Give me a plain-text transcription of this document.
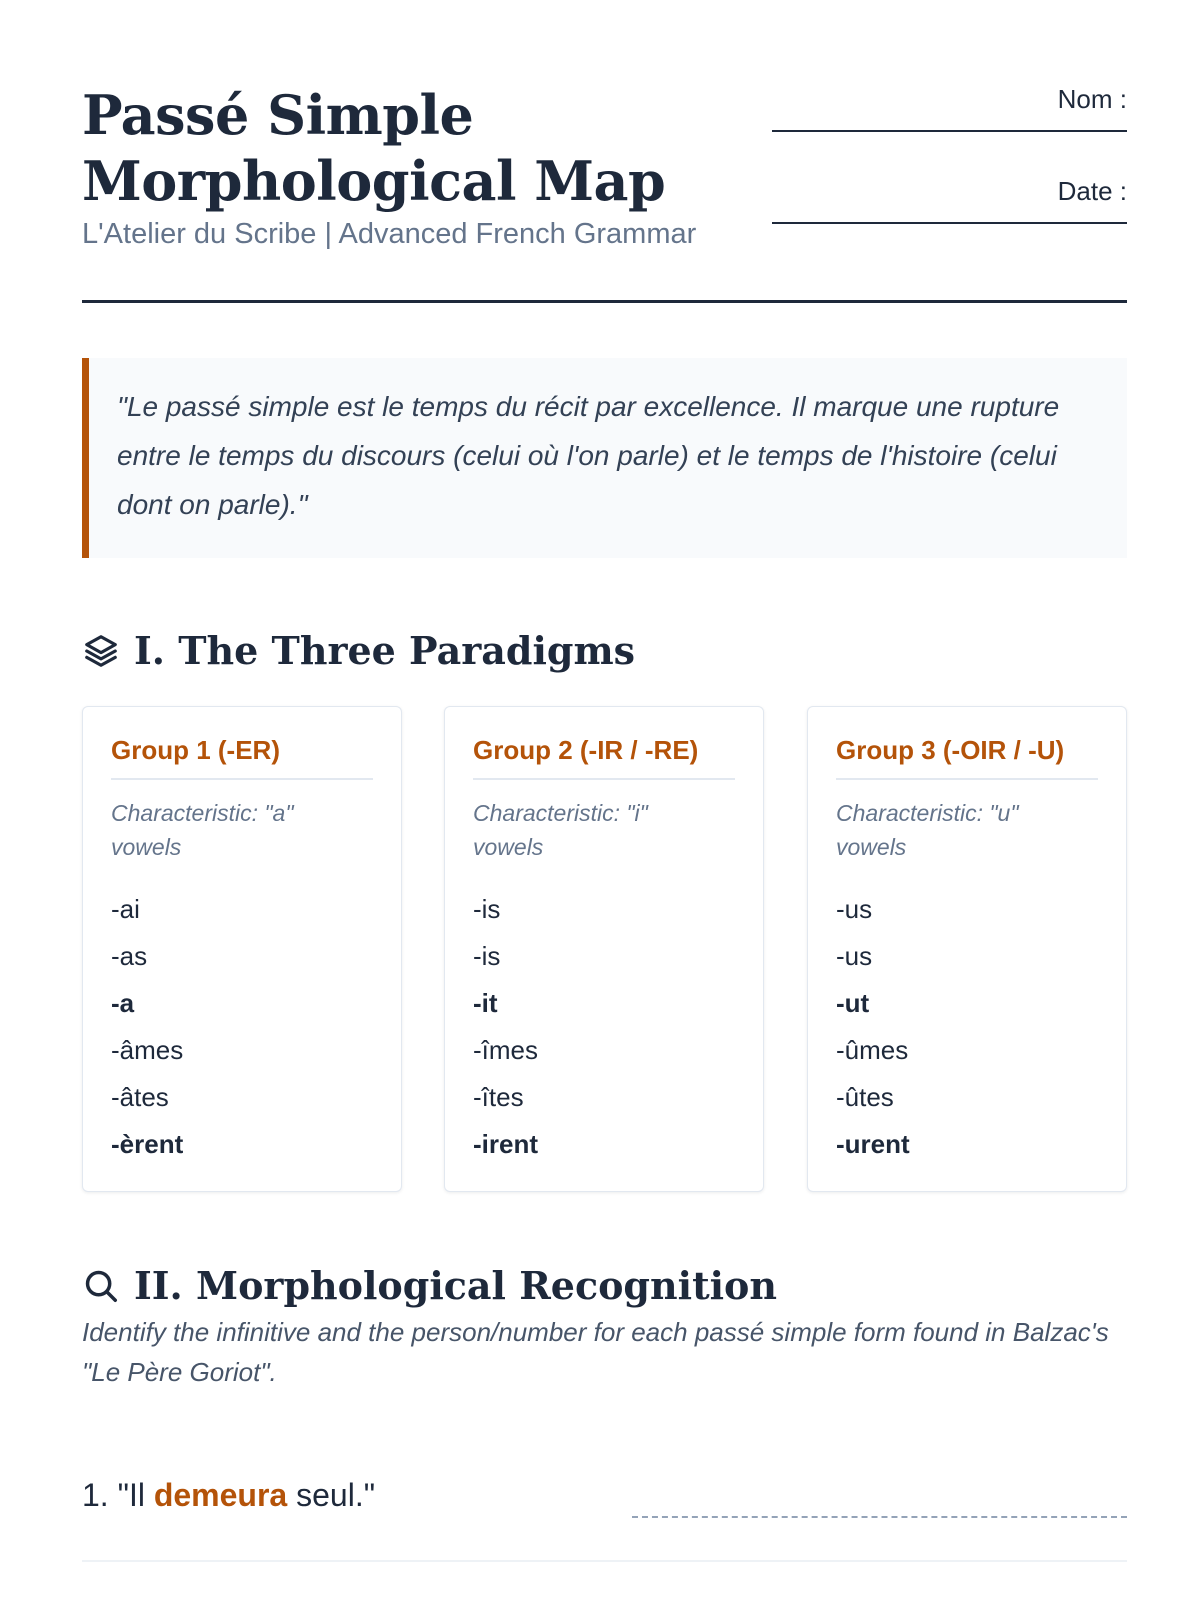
Passé Simple
Morphological Map
L'Atelier du Scribe | Advanced French Grammar
Nom :
Date :
"Le passé simple est le temps du récit par excellence. Il marque une rupture entre le temps du discours (celui où l'on parle) et le temps de l'histoire (celui dont on parle)."
I. The Three Paradigms
Group 1 (-ER)
Characteristic: "a" vowels
-ai
-as
-a
-âmes
-âtes
-èrent
Group 2 (-IR / -RE)
Characteristic: "i" vowels
-is
-is
-it
-îmes
-îtes
-irent
Group 3 (-OIR / -U)
Characteristic: "u" vowels
-us
-us
-ut
-ûmes
-ûtes
-urent
II. Morphological Recognition

Identify the infinitive and the person/number for each passé simple form found in Balzac's "Le Père Goriot".

1. "Il demeura seul."
